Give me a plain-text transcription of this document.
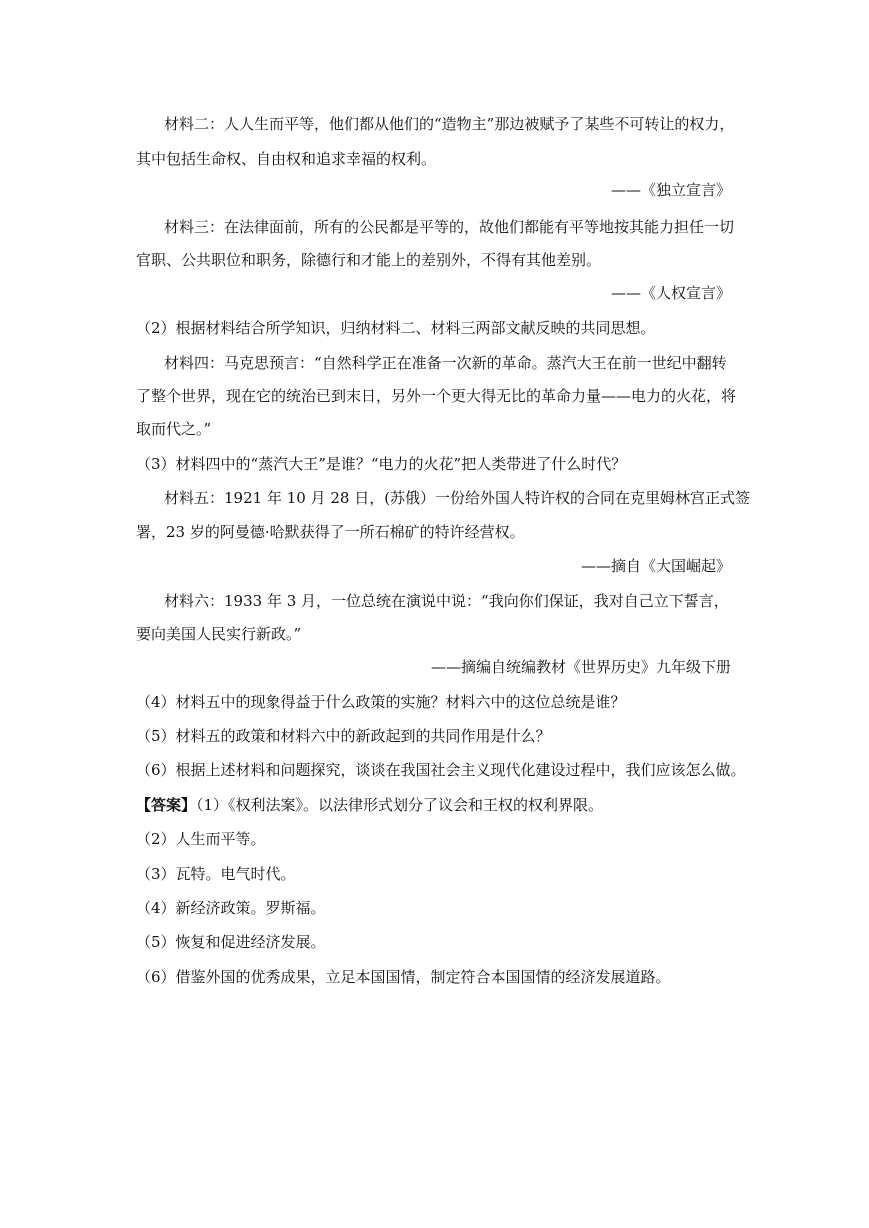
材料二：人人生而平等，他们都从他们的“造物主”那边被赋予了某些不可转让的权力，
其中包括生命权、自由权和追求幸福的权利。
——《独立宣言》
材料三：在法律面前，所有的公民都是平等的，故他们都能有平等地按其能力担任一切
官职、公共职位和职务，除德行和才能上的差别外，不得有其他差别。
——《人权宣言》
（2）根据材料结合所学知识，归纳材料二、材料三两部文献反映的共同思想。
材料四：马克思预言：“自然科学正在准备一次新的革命。蒸汽大王在前一世纪中翻转
了整个世界，现在它的统治已到末日，另外一个更大得无比的革命力量——电力的火花，将
取而代之。”
（3）材料四中的“蒸汽大王”是谁？“电力的火花”把人类带进了什么时代？
材料五：1921 年 10 月 28 日，(苏俄）一份给外国人特许权的合同在克里姆林宫正式签
署，23 岁的阿曼德·哈默获得了一所石棉矿的特许经营权。
——摘自《大国崛起》
材料六：1933 年 3 月，一位总统在演说中说：“我向你们保证，我对自己立下誓言，
要向美国人民实行新政。”
——摘编自统编教材《世界历史》九年级下册
（4）材料五中的现象得益于什么政策的实施？材料六中的这位总统是谁？
（5）材料五的政策和材料六中的新政起到的共同作用是什么？
（6）根据上述材料和问题探究，谈谈在我国社会主义现代化建设过程中，我们应该怎么做。
【答案】（1）《权利法案》。以法律形式划分了议会和王权的权利界限。
（2）人生而平等。
（3）瓦特。电气时代。
（4）新经济政策。罗斯福。
（5）恢复和促进经济发展。
（6）借鉴外国的优秀成果，立足本国国情，制定符合本国国情的经济发展道路。
